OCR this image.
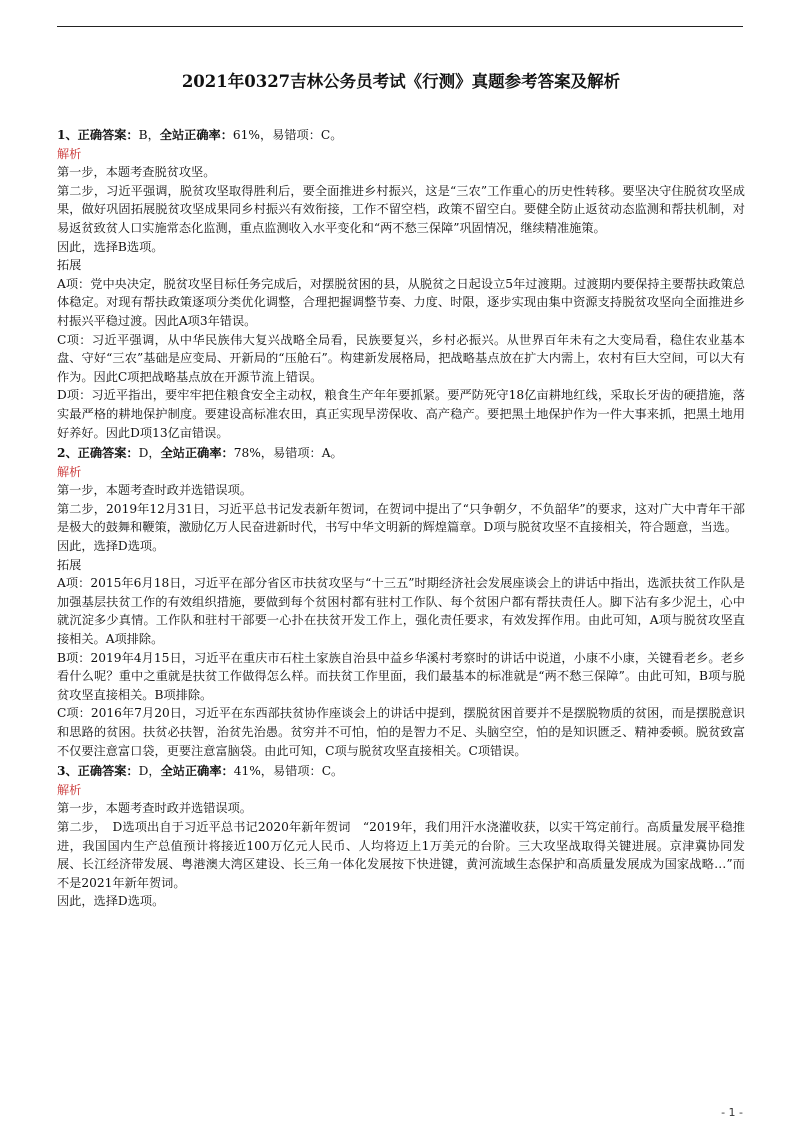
2021年0327吉林公务员考试《行测》真题参考答案及解析
1、正确答案：B，全站正确率：61%，易错项：C。
解析

第一步，本题考查脱贫攻坚。

第二步，习近平强调，脱贫攻坚取得胜利后，要全面推进乡村振兴，这是“三农”工作重心的历史性转移。要坚决守住脱贫攻坚成果，做好巩固拓展脱贫攻坚成果同乡村振兴有效衔接，工作不留空档，政策不留空白。要健全防止返贫动态监测和帮扶机制，对易返贫致贫人口实施常态化监测，重点监测收入水平变化和“两不愁三保障”巩固情况，继续精准施策。

因此，选择B选项。

拓展

A项：党中央决定，脱贫攻坚目标任务完成后，对摆脱贫困的县，从脱贫之日起设立5年过渡期。过渡期内要保持主要帮扶政策总体稳定。对现有帮扶政策逐项分类优化调整，合理把握调整节奏、力度、时限，逐步实现由集中资源支持脱贫攻坚向全面推进乡村振兴平稳过渡。因此A项3年错误。

C项：习近平强调，从中华民族伟大复兴战略全局看，民族要复兴，乡村必振兴。从世界百年未有之大变局看，稳住农业基本盘、守好“三农”基础是应变局、开新局的“压舱石”。构建新发展格局，把战略基点放在扩大内需上，农村有巨大空间，可以大有作为。因此C项把战略基点放在开源节流上错误。

D项：习近平指出，要牢牢把住粮食安全主动权，粮食生产年年要抓紧。要严防死守18亿亩耕地红线，采取长牙齿的硬措施，落实最严格的耕地保护制度。要建设高标准农田，真正实现旱涝保收、高产稳产。要把黑土地保护作为一件大事来抓，把黑土地用好养好。因此D项13亿亩错误。

2、正确答案：D，全站正确率：78%，易错项：A。
解析

第一步，本题考查时政并选错误项。

第二步，2019年12月31日，习近平总书记发表新年贺词，在贺词中提出了“只争朝夕，不负韶华”的要求，这对广大中青年干部是极大的鼓舞和鞭策，激励亿万人民奋进新时代，书写中华文明新的辉煌篇章。D项与脱贫攻坚不直接相关，符合题意，当选。

因此，选择D选项。

拓展

A项：2015年6月18日，习近平在部分省区市扶贫攻坚与“十三五”时期经济社会发展座谈会上的讲话中指出，选派扶贫工作队是加强基层扶贫工作的有效组织措施，要做到每个贫困村都有驻村工作队、每个贫困户都有帮扶责任人。脚下沾有多少泥土，心中就沉淀多少真情。工作队和驻村干部要一心扑在扶贫开发工作上，强化责任要求，有效发挥作用。由此可知，A项与脱贫攻坚直接相关。A项排除。

B项：2019年4月15日，习近平在重庆市石柱土家族自治县中益乡华溪村考察时的讲话中说道，小康不小康，关键看老乡。老乡看什么呢？重中之重就是扶贫工作做得怎么样。而扶贫工作里面，我们最基本的标准就是“两不愁三保障”。由此可知，B项与脱贫攻坚直接相关。B项排除。

C项：2016年7月20日，习近平在东西部扶贫协作座谈会上的讲话中提到，摆脱贫困首要并不是摆脱物质的贫困，而是摆脱意识和思路的贫困。扶贫必扶智，治贫先治愚。贫穷并不可怕，怕的是智力不足、头脑空空，怕的是知识匮乏、精神委顿。脱贫致富不仅要注意富口袋，更要注意富脑袋。由此可知，C项与脱贫攻坚直接相关。C项错误。

3、正确答案：D，全站正确率：41%，易错项：C。
解析

第一步，本题考查时政并选错误项。

第二步，　D选项出自于习近平总书记2020年新年贺词　“2019年，我们用汗水浇灌收获，以实干笃定前行。高质量发展平稳推进，我国国内生产总值预计将接近100万亿元人民币、人均将迈上1万美元的台阶。三大攻坚战取得关键进展。京津冀协同发展、长江经济带发展、粤港澳大湾区建设、长三角一体化发展按下快进键，黄河流域生态保护和高质量发展成为国家战略…”而不是2021年新年贺词。

因此，选择D选项。

- 1 -
